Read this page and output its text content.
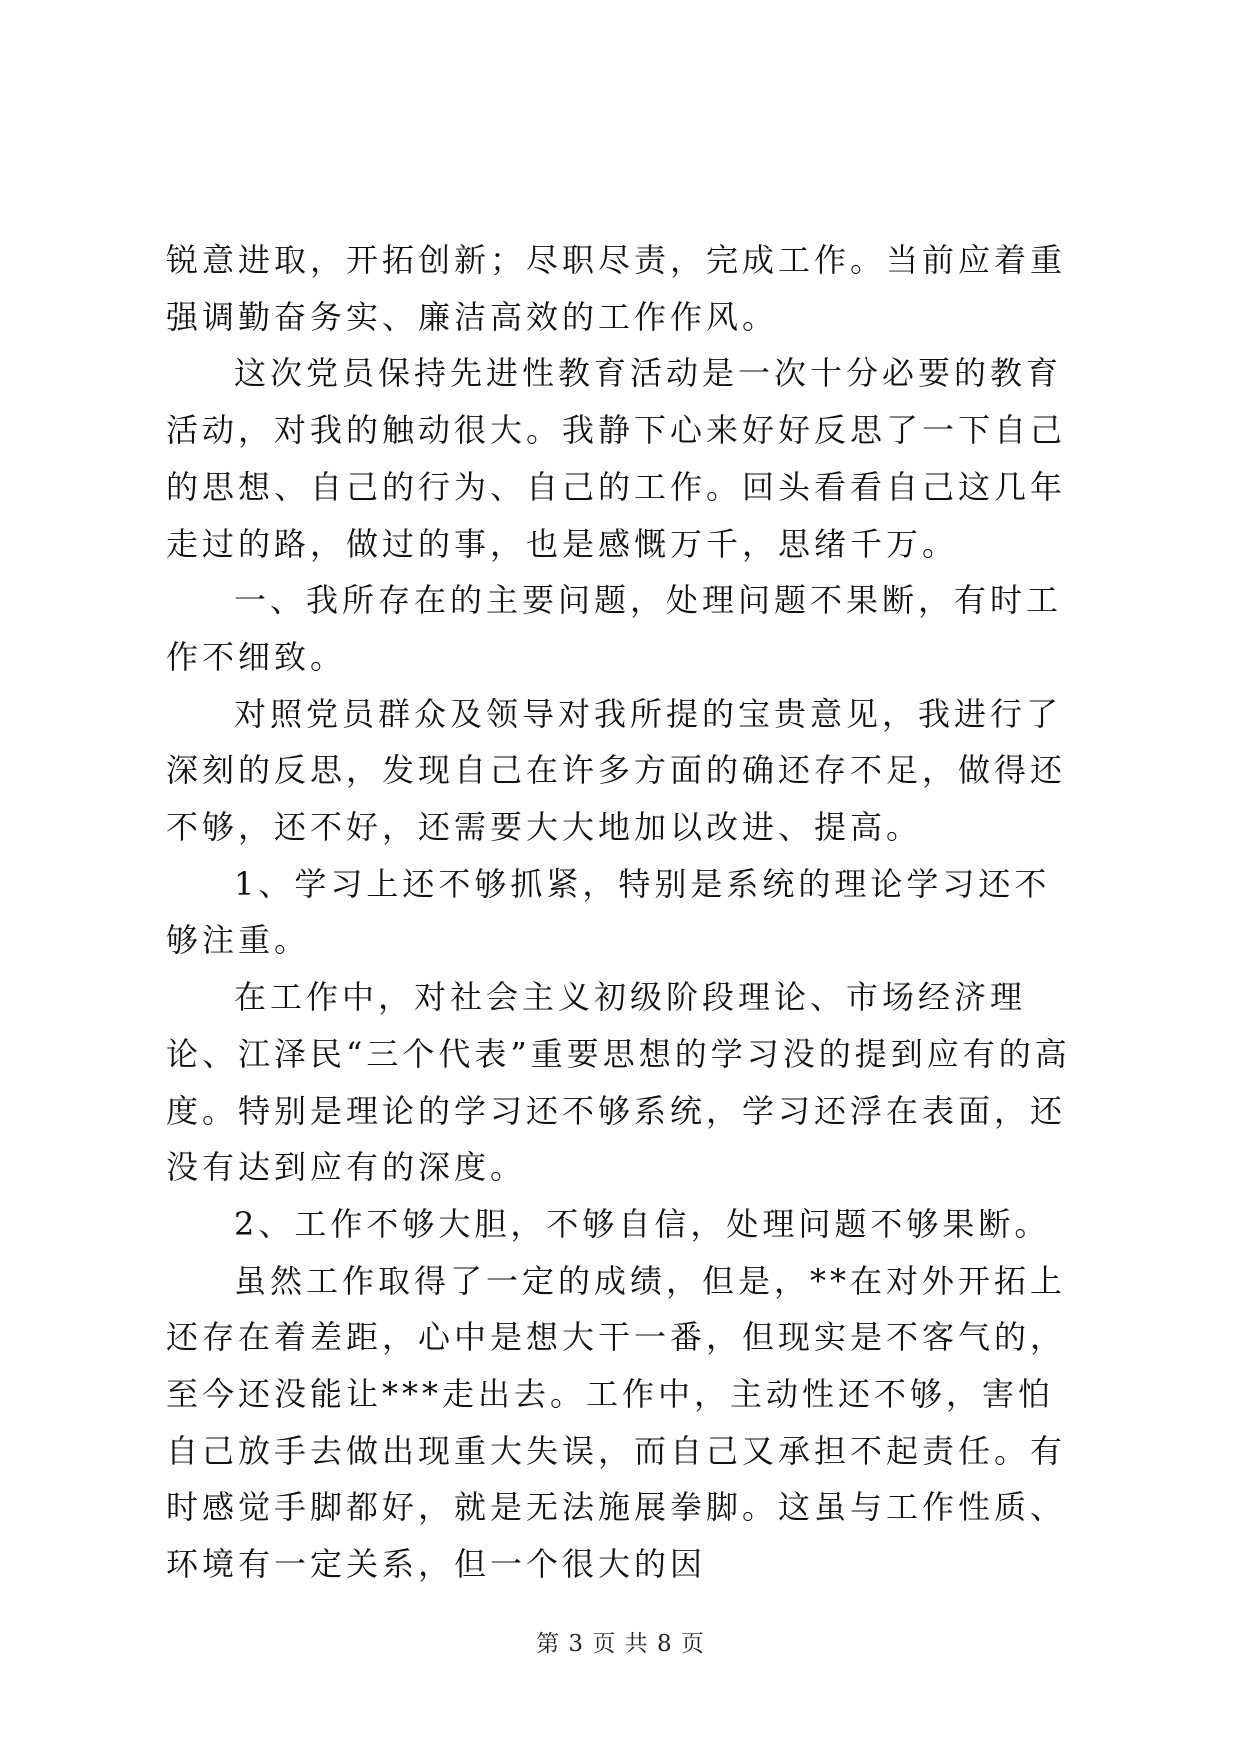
锐意进取，开拓创新；尽职尽责，完成工作。当前应着重强调勤奋务实、廉洁高效的工作作风。

这次党员保持先进性教育活动是一次十分必要的教育活动，对我的触动很大。我静下心来好好反思了一下自己的思想、自己的行为、自己的工作。回头看看自己这几年走过的路，做过的事，也是感慨万千，思绪千万。

一、我所存在的主要问题，处理问题不果断，有时工作不细致。

对照党员群众及领导对我所提的宝贵意见，我进行了深刻的反思，发现自己在许多方面的确还存不足，做得还不够，还不好，还需要大大地加以改进、提高。

1、学习上还不够抓紧，特别是系统的理论学习还不够注重。

在工作中，对社会主义初级阶段理论、市场经济理论、江泽民“三个代表”重要思想的学习没的提到应有的高度。特别是理论的学习还不够系统，学习还浮在表面，还没有达到应有的深度。

2、工作不够大胆，不够自信，处理问题不够果断。

虽然工作取得了一定的成绩，但是，**在对外开拓上还存在着差距，心中是想大干一番，但现实是不客气的，至今还没能让***走出去。工作中，主动性还不够，害怕自己放手去做出现重大失误，而自己又承担不起责任。有时感觉手脚都好，就是无法施展拳脚。这虽与工作性质、环境有一定关系，但一个很大的因

第 3 页 共 8 页
